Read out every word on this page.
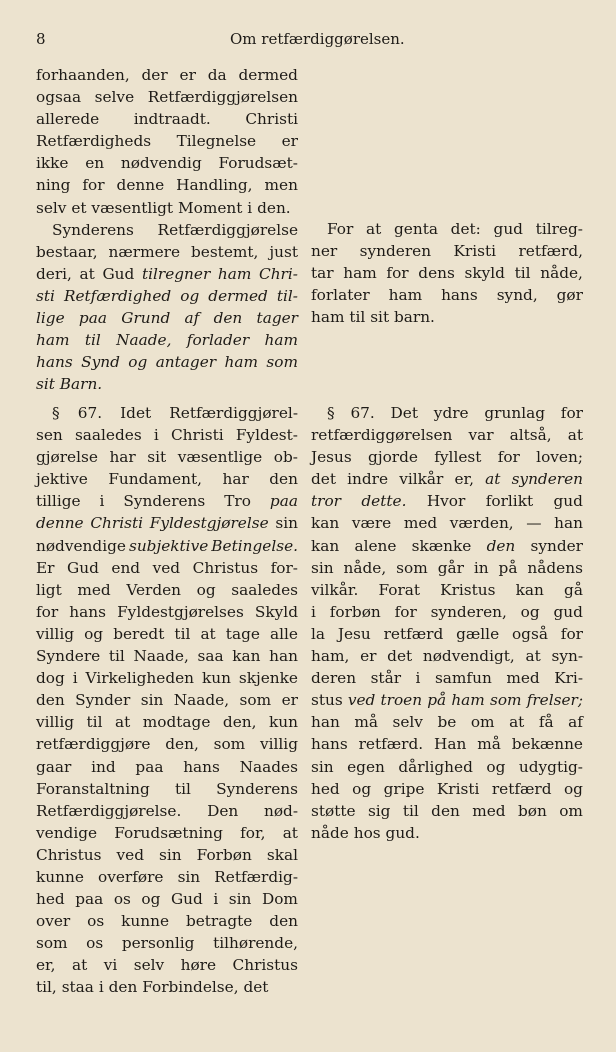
8	Om retfærdiggørelsen.
forhaanden, der er da dermed
ogsaa selve Retfærdiggjørelsen
allerede indtraadt. Christi
Retfærdigheds Tilegnelse er
ikke en nødvendig Forudsæt-
ning for denne Handling, men
selv et væsentligt Moment i den.
Synderens Retfærdiggjørelse
bestaar, nærmere bestemt, just
deri, at Gud tilregner ham Chri-
sti Retfærdighed og dermed til-
lige paa Grund af den tager
ham til Naade, forlader ham
hans Synd og antager ham som
sit Barn.
§ 67. Idet Retfærdiggjørel-
sen saaledes i Christi Fyldest-
gjørelse har sit væsentlige ob-
jektive Fundament, har den
tillige i Synderens Tro paa
denne Christi Fyldestgjørelse sin
nødvendige subjektive Betingelse.
Er Gud end ved Christus for-
ligt med Verden og saaledes
for hans Fyldestgjørelses Skyld
villig og beredt til at tage alle
Syndere til Naade, saa kan han
dog i Virkeligheden kun skjenke
den Synder sin Naade, som er
villig til at modtage den, kun
retfærdiggjøre den, som villig
gaar ind paa hans Naades
Foranstaltning til Synderens
Retfærdiggjørelse. Den nød-
vendige Forudsætning for, at
Christus ved sin Forbøn skal
kunne overføre sin Retfærdig-
hed paa os og Gud i sin Dom
over os kunne betragte den
som os personlig tilhørende,
er, at vi selv høre Christus
til, staa i den Forbindelse, det
For at genta det: gud tilreg-
ner synderen Kristi retfærd,
tar ham for dens skyld til nåde,
forlater ham hans synd, gør
ham til sit barn.
§ 67. Det ydre grunlag for
retfærdiggørelsen var altså, at
Jesus gjorde fyllest for loven;
det indre vilkår er, at synderen
tror dette. Hvor forlikt gud
kan være med værden, — han
kan alene skænke den synder
sin nåde, som går in på nådens
vilkår. Forat Kristus kan gå
i forbøn for synderen, og gud
la Jesu retfærd gælle også for
ham, er det nødvendigt, at syn-
deren står i samfun med Kri-
stus ved troen på ham som frelser;
han må selv be om at få af
hans retfærd. Han må bekænne
sin egen dårlighed og udygtig-
hed og gripe Kristi retfærd og
støtte sig til den med bøn om
nåde hos gud.
